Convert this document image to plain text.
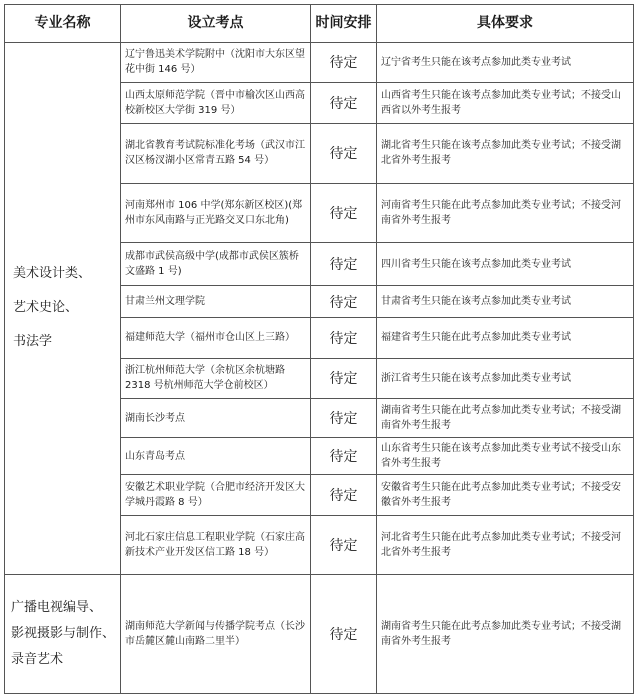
专业名称	设立考点	时间安排	具体要求

美术设计类、
艺术史论、
书法学	辽宁鲁迅美术学院附中（沈阳市大东区望花中街 146 号）	待定	辽宁省考生只能在该考点参加此类专业考试
	山西太原师范学院（晋中市榆次区山西高校新校区大学街 319 号）	待定	山西省考生只能在该考点参加此类专业考试；不接受山西省以外考生报考
	湖北省教育考试院标准化考场（武汉市江汉区杨汊湖小区常青五路 54 号）	待定	湖北省考生只能在该考点参加此类专业考试；不接受湖北省外考生报考
	河南郑州市 106 中学(郑东新区校区)(郑州市东风南路与正光路交叉口东北角)	待定	河南省考生只能在此考点参加此类专业考试；不接受河南省外考生报考
	成都市武侯高级中学(成都市武侯区簇桥文盛路 1 号)	待定	四川省考生只能在该考点参加此类专业考试
	甘肃兰州文理学院	待定	甘肃省考生只能在该考点参加此类专业考试
	福建师范大学（福州市仓山区上三路）	待定	福建省考生只能在此考点参加此类专业考试
	浙江杭州师范大学（余杭区余杭塘路 2318 号杭州师范大学仓前校区）	待定	浙江省考生只能在该考点参加此类专业考试
	湖南长沙考点	待定	湖南省考生只能在此考点参加此类专业考试；不接受湖南省外考生报考
	山东青岛考点	待定	山东省考生只能在该考点参加此类专业考试不接受山东省外考生报考
	安徽艺术职业学院（合肥市经济开发区大学城丹霞路 8 号）	待定	安徽省考生只能在此考点参加此类专业考试；不接受安徽省外考生报考
	河北石家庄信息工程职业学院（石家庄高新技术产业开发区信工路 18 号）	待定	河北省考生只能在此考点参加此类专业考试；不接受河北省外考生报考

广播电视编导、
影视摄影与制作、
录音艺术	湖南师范大学新闻与传播学院考点（长沙市岳麓区麓山南路二里半）	待定	湖南省考生只能在此考点参加此类专业考试；不接受湖南省外考生报考
